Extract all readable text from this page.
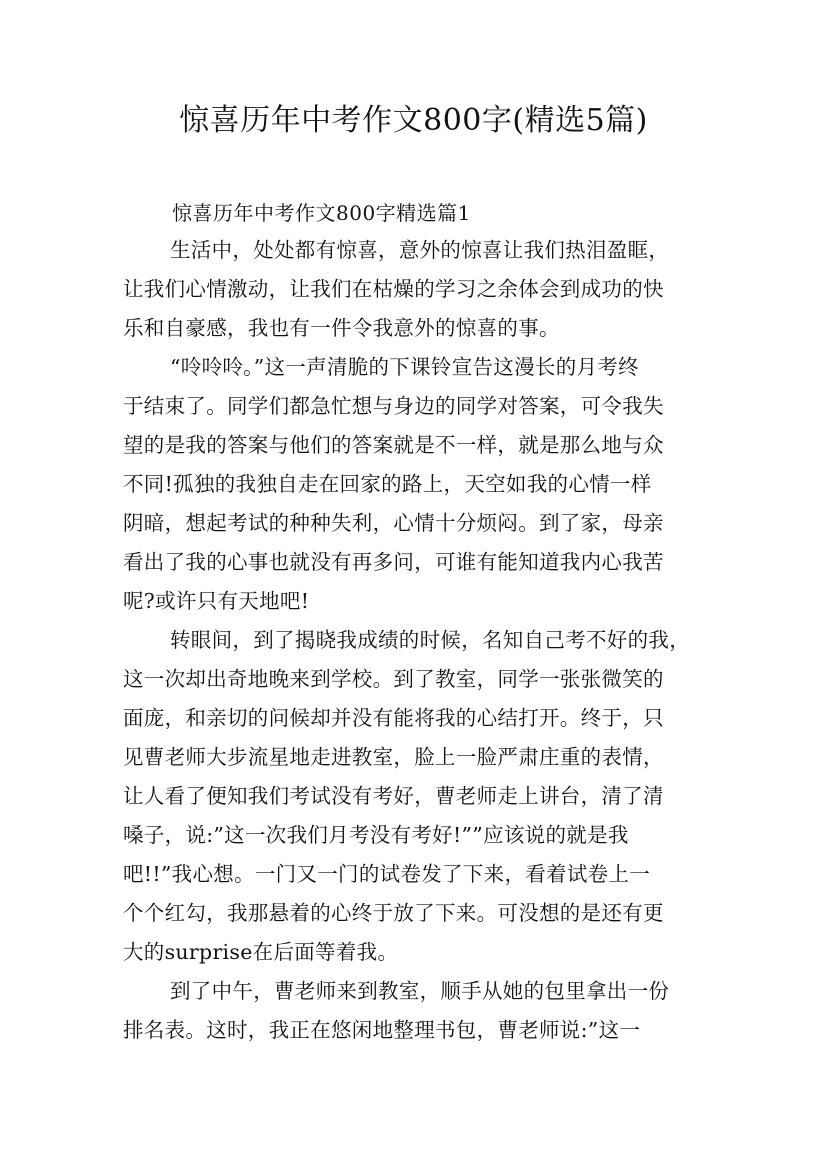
惊喜历年中考作文800字(精选5篇)

惊喜历年中考作文800字精选篇1

生活中，处处都有惊喜，意外的惊喜让我们热泪盈眶，
让我们心情激动，让我们在枯燥的学习之余体会到成功的快
乐和自豪感，我也有一件令我意外的惊喜的事。
“呤呤呤。”这一声清脆的下课铃宣告这漫长的月考终
于结束了。同学们都急忙想与身边的同学对答案，可令我失
望的是我的答案与他们的答案就是不一样，就是那么地与众
不同!孤独的我独自走在回家的路上，天空如我的心情一样
阴暗，想起考试的种种失利，心情十分烦闷。到了家，母亲
看出了我的心事也就没有再多问，可谁有能知道我内心我苦
呢?或许只有天地吧!
转眼间，到了揭晓我成绩的时候，名知自己考不好的我，
这一次却出奇地晚来到学校。到了教室，同学一张张微笑的
面庞，和亲切的问候却并没有能将我的心结打开。终于，只
见曹老师大步流星地走进教室，脸上一脸严肃庄重的表情，
让人看了便知我们考试没有考好，曹老师走上讲台，清了清
嗓子，说:”这一次我们月考没有考好!””应该说的就是我
吧!!”我心想。一门又一门的试卷发了下来，看着试卷上一
个个红勾，我那悬着的心终于放了下来。可没想的是还有更
大的surprise在后面等着我。
到了中午，曹老师来到教室，顺手从她的包里拿出一份
排名表。这时，我正在悠闲地整理书包，曹老师说:”这一
